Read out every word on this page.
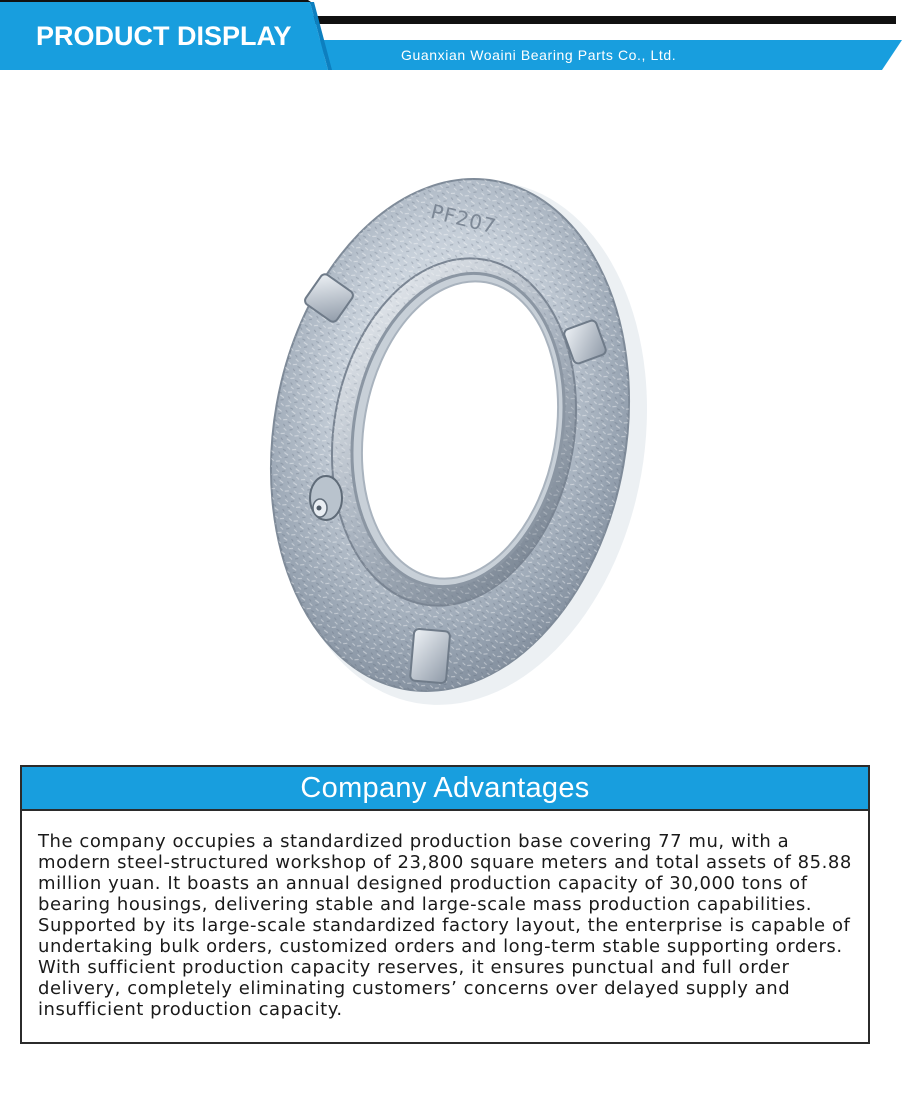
PRODUCT DISPLAY
Guanxian Woaini Bearing Parts Co., Ltd.
PF207
Company Advantages
The company occupies a standardized production base covering 77 mu, with a modern steel-structured workshop of 23,800 square meters and total assets of 85.88 million yuan. It boasts an annual designed production capacity of 30,000 tons of bearing housings, delivering stable and large-scale mass production capabilities. Supported by its large-scale standardized factory layout, the enterprise is capable of undertaking bulk orders, customized orders and long-term stable supporting orders. With sufficient production capacity reserves, it ensures punctual and full order delivery, completely eliminating customers’ concerns over delayed supply and insufficient production capacity.
